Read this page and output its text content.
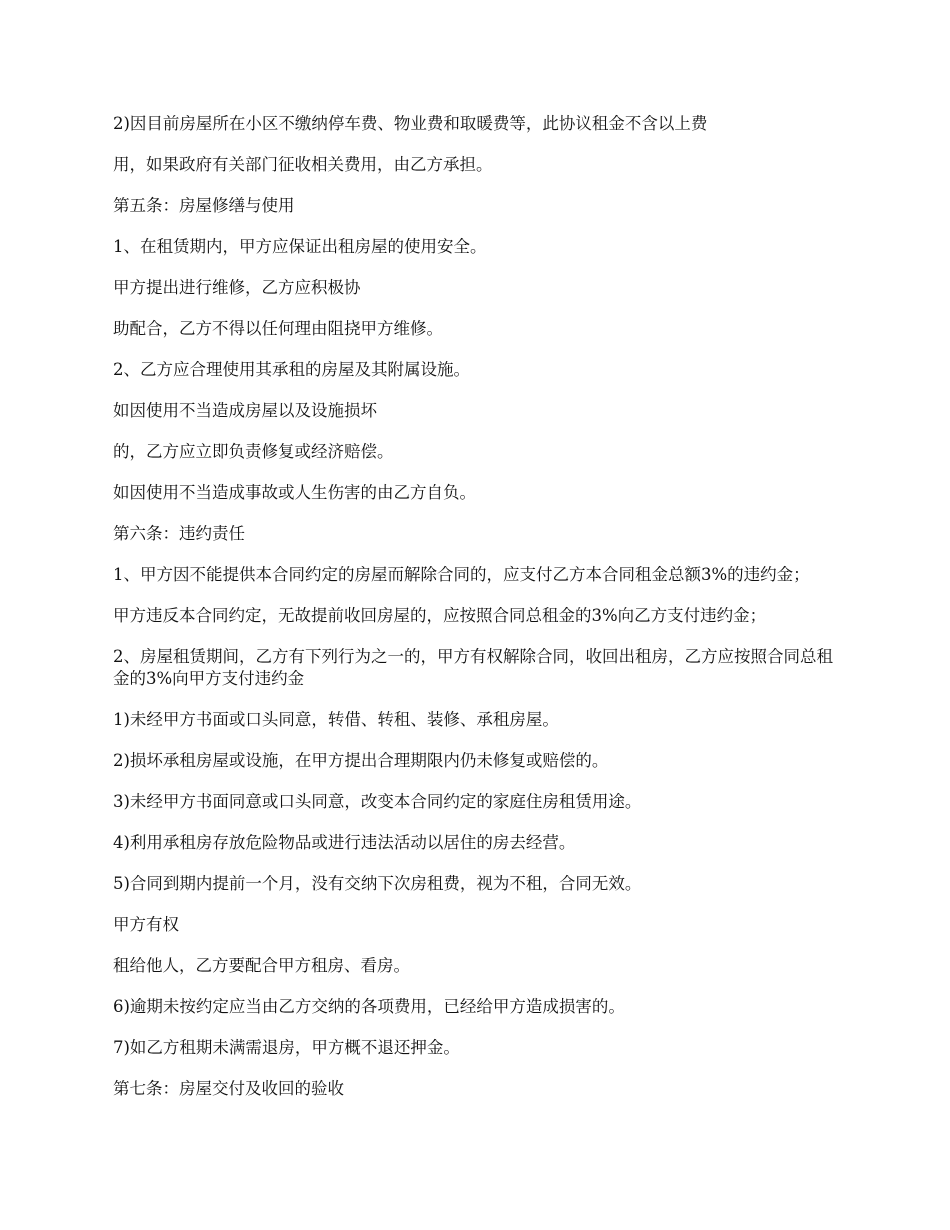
2)因目前房屋所在小区不缴纳停车费、物业费和取暖费等，此协议租金不含以上费

用，如果政府有关部门征收相关费用，由乙方承担。

第五条：房屋修缮与使用

1、在租赁期内，甲方应保证出租房屋的使用安全。

甲方提出进行维修，乙方应积极协

助配合，乙方不得以任何理由阻挠甲方维修。

2、乙方应合理使用其承租的房屋及其附属设施。

如因使用不当造成房屋以及设施损坏

的，乙方应立即负责修复或经济赔偿。

如因使用不当造成事故或人生伤害的由乙方自负。

第六条：违约责任

1、甲方因不能提供本合同约定的房屋而解除合同的，应支付乙方本合同租金总额3%的违约金；

甲方违反本合同约定，无故提前收回房屋的，应按照合同总租金的3%向乙方支付违约金；

2、房屋租赁期间，乙方有下列行为之一的，甲方有权解除合同，收回出租房，乙方应按照合同总租金的3%向甲方支付违约金

1)未经甲方书面或口头同意，转借、转租、装修、承租房屋。

2)损坏承租房屋或设施，在甲方提出合理期限内仍未修复或赔偿的。

3)未经甲方书面同意或口头同意，改变本合同约定的家庭住房租赁用途。

4)利用承租房存放危险物品或进行违法活动以居住的房去经营。

5)合同到期内提前一个月，没有交纳下次房租费，视为不租，合同无效。

甲方有权

租给他人，乙方要配合甲方租房、看房。

6)逾期未按约定应当由乙方交纳的各项费用，已经给甲方造成损害的。

7)如乙方租期未满需退房，甲方概不退还押金。

第七条：房屋交付及收回的验收
